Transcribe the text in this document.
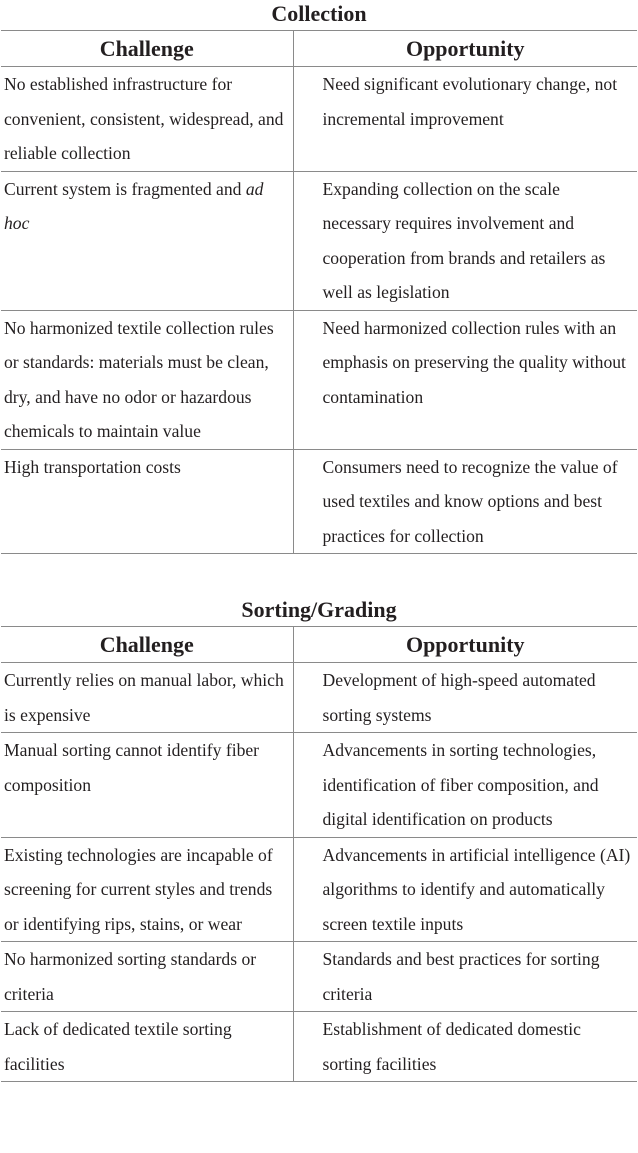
Collection
Challenge	Opportunity
No established infrastructure for convenient, consistent, widespread, and reliable collection	Need significant evolutionary change, not incremental improvement
Current system is fragmented and ad hoc	Expanding collection on the scale necessary requires involvement and cooperation from brands and retailers as well as legislation
No harmonized textile collection rules or standards: materials must be clean, dry, and have no odor or hazardous chemicals to maintain value	Need harmonized collection rules with an emphasis on preserving the quality without contamination
High transportation costs	Consumers need to recognize the value of used textiles and know options and best practices for collection
Sorting/Grading
Challenge	Opportunity
Currently relies on manual labor, which is expensive	Development of high-speed automated sorting systems
Manual sorting cannot identify fiber composition	Advancements in sorting technologies, identification of fiber composition, and digital identification on products
Existing technologies are incapable of screening for current styles and trends or identifying rips, stains, or wear	Advancements in artificial intelligence (AI) algorithms to identify and automatically screen textile inputs
No harmonized sorting standards or criteria	Standards and best practices for sorting criteria
Lack of dedicated textile sorting facilities	Establishment of dedicated domestic sorting facilities
